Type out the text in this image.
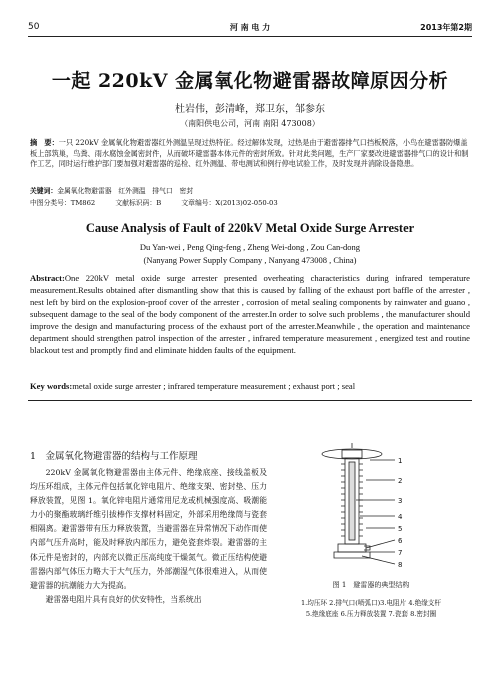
50	河 南 电 力	2013年第2期
一起 220kV 金属氧化物避雷器故障原因分析
杜岩伟，彭清峰，郑卫东，邹参东
（南阳供电公司，河南 南阳 473008）
摘　要：一只 220kV 金属氧化物避雷器红外测温呈现过热特征。经过解体发现，过热是由于避雷器排气口挡板脱落，小鸟在避雷器防爆盖板上部筑巢，鸟粪、雨水腐蚀金属密封件，从而破坏避雷器本体元件的密封所致。针对此类问题，生产厂家要改进避雷器排气口的设计和制作工艺，同时运行维护部门要加强对避雷器的巡检、红外测温、带电测试和例行停电试验工作，及时发现并消除设备隐患。
关键词：金属氧化物避雷器　红外测温　排气口　密封
中图分类号：TM862	文献标识码：B	文章编号：X(2013)02-050-03
Cause Analysis of Fault of 220kV Metal Oxide Surge Arrester
Du Yan-wei , Peng Qing-feng , Zheng Wei-dong , Zou Can-dong
(Nanyang Power Supply Company , Nanyang 473008 , China)
Abstract:One 220kV metal oxide surge arrester presented overheating characteristics during infrared temperature measurement.Results obtained after dismantling show that this is caused by falling of the exhaust port baffle of the arrester , nest left by bird on the explosion-proof cover of the arrester , corrosion of metal sealing components by rainwater and guano , subsequent damage to the seal of the body component of the arrester.In order to solve such problems , the manufacturer should improve the design and manufacturing process of the exhaust port of the arrester.Meanwhile , the operation and maintenance department should strengthen patrol inspection of the arrester , infrared temperature measurement , energized test and routine blackout test and promptly find and eliminate hidden faults of the equipment.
Key words:metal oxide surge arrester ; infrared temperature measurement ; exhaust port ; seal
1　金属氧化物避雷器的结构与工作原理

220kV 金属氧化物避雷器由主体元件、绝缘底座、接线盖板及均压环组成，主体元件包括氧化锌电阻片、绝缘支架、密封垫、压力释放装置，见图 1。氧化锌电阻片通常用尼龙或机械强度高、吸潮能力小的聚酯玻璃纤维引拔棒作支撑材料固定，外部采用绝缘筒与瓷套相隔离。避雷器带有压力释放装置，当避雷器在异常情况下动作而使内部气压升高时，能及时释放内部压力，避免瓷套炸裂。避雷器的主体元件是密封的，内部充以微正压高纯度干燥氮气。微正压结构使避雷器内部气体压力略大于大气压力，外部潮湿气体很难进入，从而使避雷器的抗潮能力大为提高。

避雷器电阻片具有良好的伏安特性，当系统出

1
2
3
4
5
6
7
8
图 1　避雷器的典型结构
1.均压环 2.排气口(喷弧口)3.电阻片 4.绝缘支杆
5.绝缘底座 6.压力释放装置 7.瓷套 8.密封圈
